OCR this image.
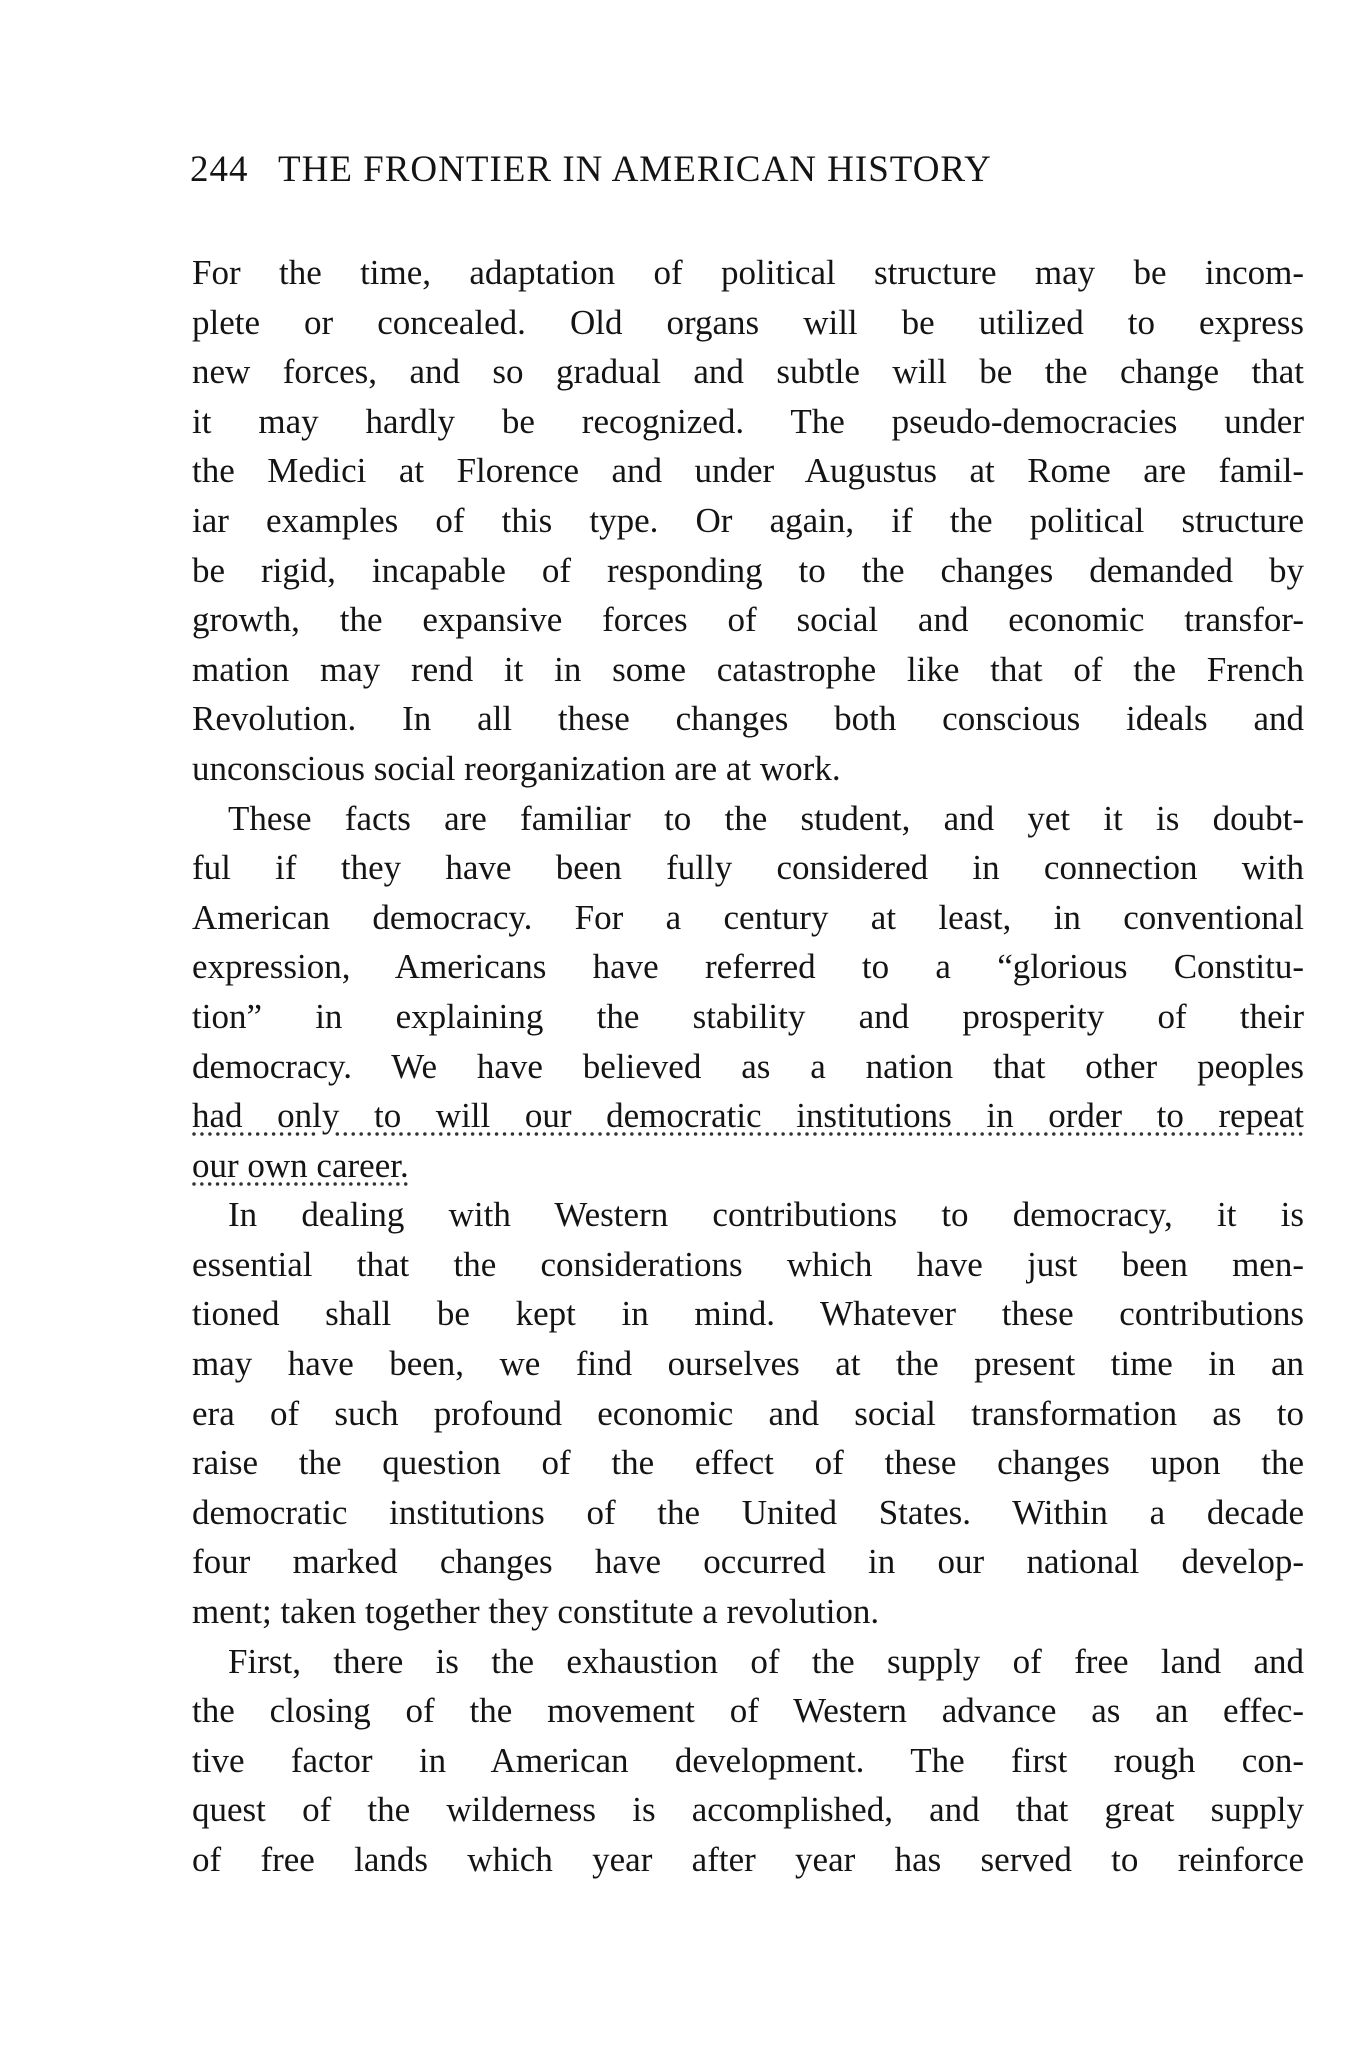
244 THE FRONTIER IN AMERICAN HISTORY
For the time, adaptation of political structure may be incom-
plete or concealed. Old organs will be utilized to express
new forces, and so gradual and subtle will be the change that
it may hardly be recognized. The pseudo-democracies under
the Medici at Florence and under Augustus at Rome are famil-
iar examples of this type. Or again, if the political structure
be rigid, incapable of responding to the changes demanded by
growth, the expansive forces of social and economic transfor-
mation may rend it in some catastrophe like that of the French
Revolution. In all these changes both conscious ideals and
unconscious social reorganization are at work.
These facts are familiar to the student, and yet it is doubt-
ful if they have been fully considered in connection with
American democracy. For a century at least, in conventional
expression, Americans have referred to a “glorious Constitu-
tion” in explaining the stability and prosperity of their
democracy. We have believed as a nation that other peoples
had only to will our democratic institutions in order to repeat
our own career.
In dealing with Western contributions to democracy, it is
essential that the considerations which have just been men-
tioned shall be kept in mind. Whatever these contributions
may have been, we find ourselves at the present time in an
era of such profound economic and social transformation as to
raise the question of the effect of these changes upon the
democratic institutions of the United States. Within a decade
four marked changes have occurred in our national develop-
ment; taken together they constitute a revolution.
First, there is the exhaustion of the supply of free land and
the closing of the movement of Western advance as an effec-
tive factor in American development. The first rough con-
quest of the wilderness is accomplished, and that great supply
of free lands which year after year has served to reinforce
